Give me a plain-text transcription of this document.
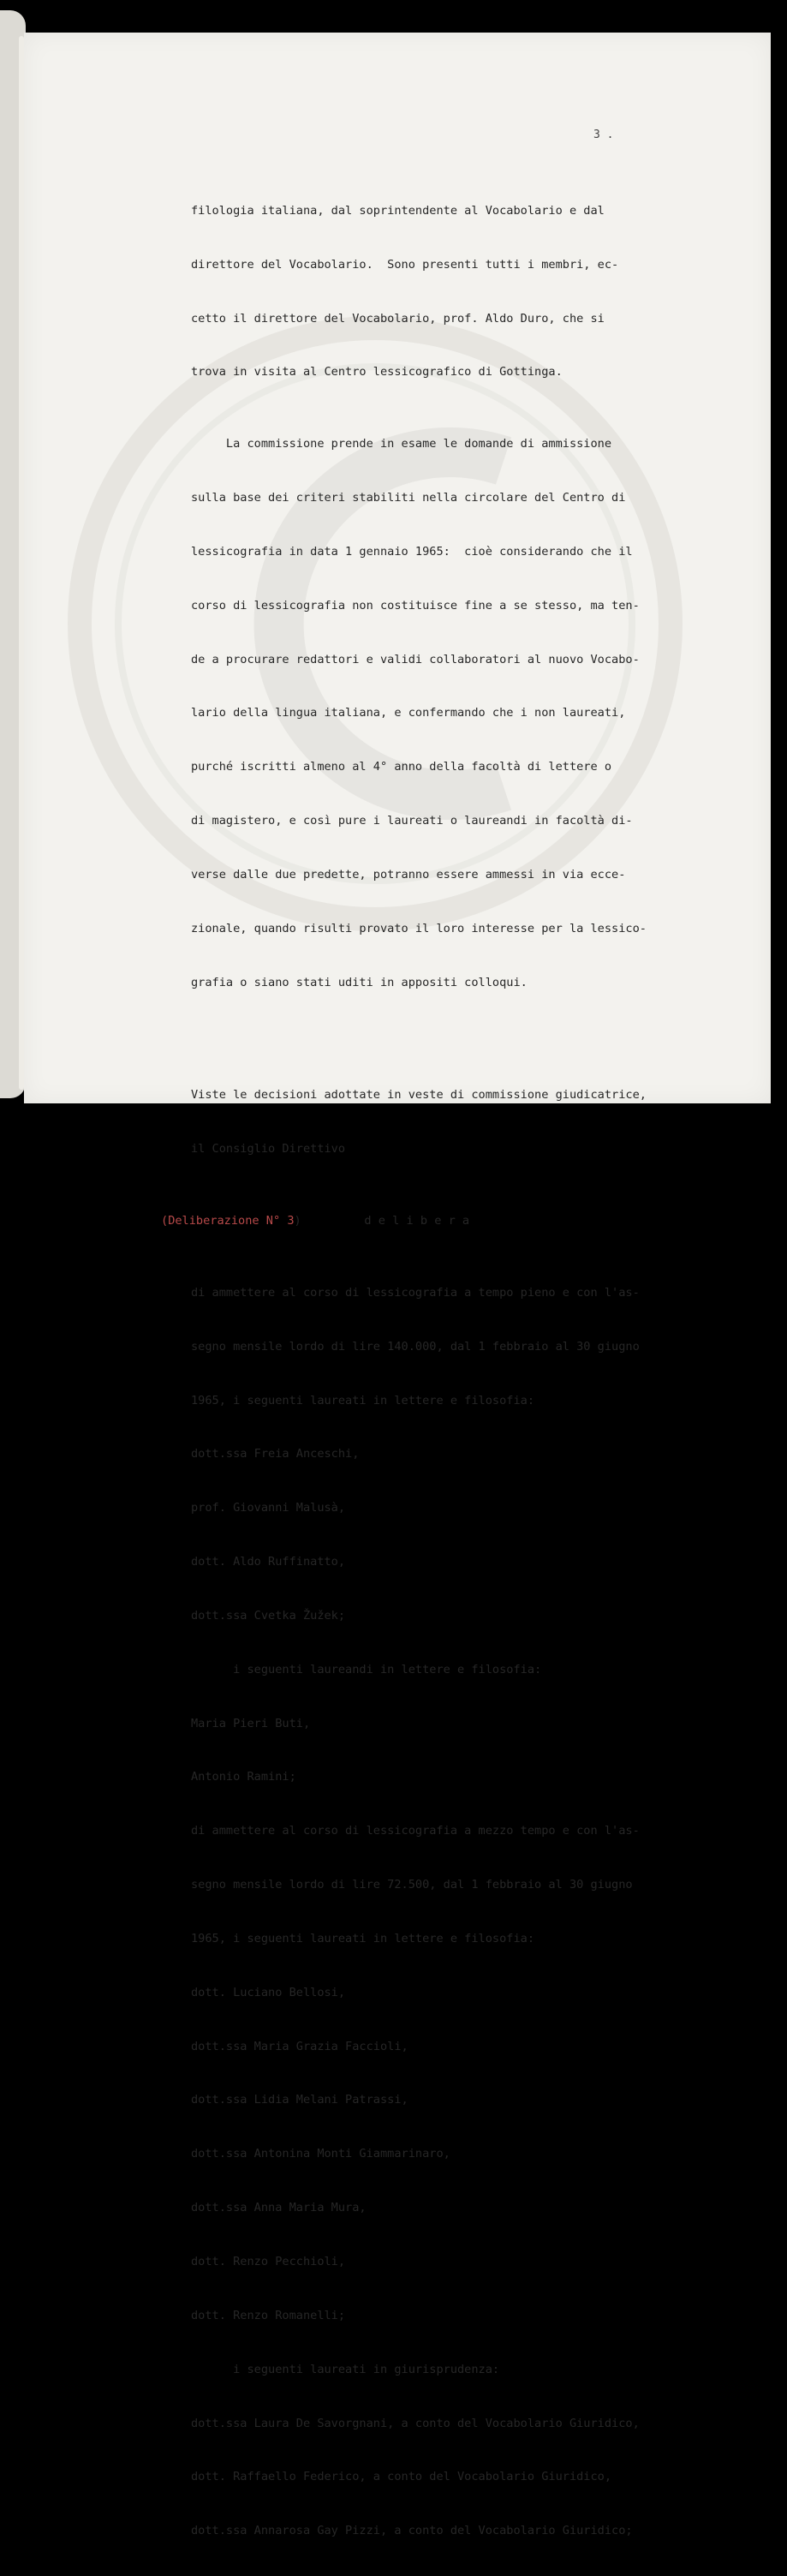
3 .

filologia italiana, dal soprintendente al Vocabolario e dal

direttore del Vocabolario.  Sono presenti tutti i membri, ec-

cetto il direttore del Vocabolario, prof. Aldo Duro, che si

trova in visita al Centro lessicografico di Gottinga.

La commissione prende in esame le domande di ammissione

sulla base dei criteri stabiliti nella circolare del Centro di

lessicografia in data 1 gennaio 1965:  cioè considerando che il

corso di lessicografia non costituisce fine a se stesso, ma ten-

de a procurare redattori e validi collaboratori al nuovo Vocabo-

lario della lingua italiana, e confermando che i non laureati,

purché iscritti almeno al 4° anno della facoltà di lettere o

di magistero, e così pure i laureati o laureandi in facoltà di-

verse dalle due predette, potranno essere ammessi in via ecce-

zionale, quando risulti provato il loro interesse per la lessico-

grafia o siano stati uditi in appositi colloqui.

Viste le decisioni adottate in veste di commissione giudicatrice,

il Consiglio Direttivo

(Deliberazione N° 3)         d e l i b e r a

di ammettere al corso di lessicografia a tempo pieno e con l'as-

segno mensile lordo di lire 140.000, dal 1 febbraio al 30 giugno

1965, i seguenti laureati in lettere e filosofia:

dott.ssa Freia Anceschi,

prof. Giovanni Malusà,

dott. Aldo Ruffinatto,

dott.ssa Cvetka Žužek;

i seguenti laureandi in lettere e filosofia:

Maria Pieri Buti,

Antonio Ramini;

di ammettere al corso di lessicografia a mezzo tempo e con l'as-

segno mensile lordo di lire 72.500, dal 1 febbraio al 30 giugno

1965, i seguenti laureati in lettere e filosofia:

dott. Luciano Bellosi,

dott.ssa Maria Grazia Faccioli,

dott.ssa Lidia Melani Patrassi,

dott.ssa Antonina Monti Giammarinaro,

dott.ssa Anna Maria Mura,

dott. Renzo Pecchioli,

dott. Renzo Romanelli;

i seguenti laureati in giurisprudenza:

dott.ssa Laura De Savorgnani, a conto del Vocabolario Giuridico,

dott. Raffaello Federico, a conto del Vocabolario Giuridico,

dott.ssa Annarosa Gay Pizzi, a conto del Vocabolario Giuridico;
